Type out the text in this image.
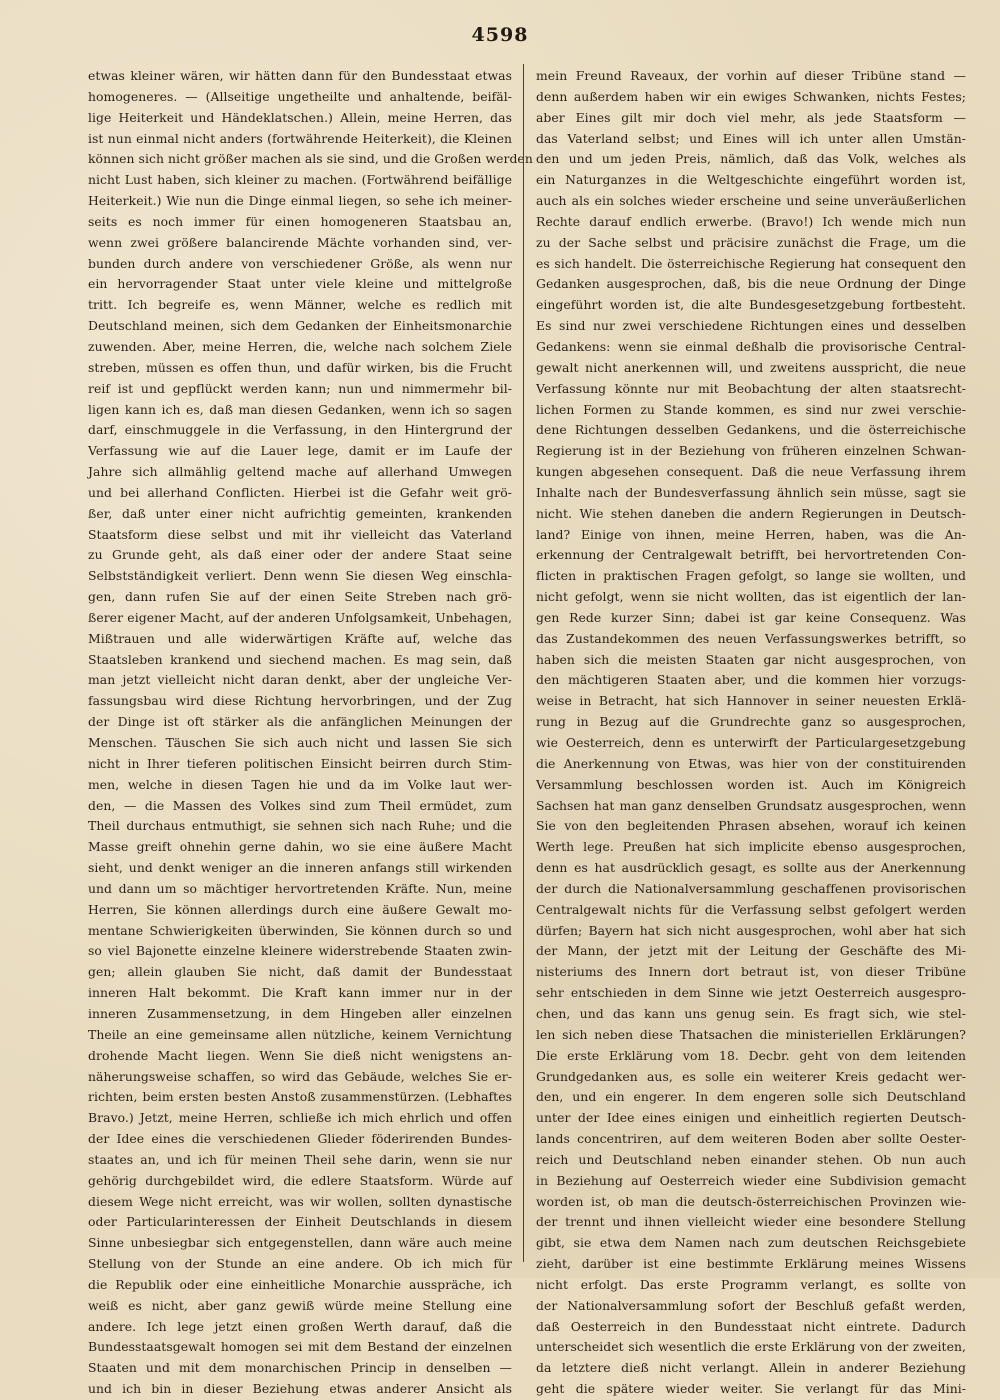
4598
etwas kleiner wären, wir hätten dann für den Bundesstaat etwas
homogeneres. — (Allseitige ungetheilte und anhaltende, beifäl-
lige Heiterkeit und Händeklatschen.) Allein, meine Herren, das
ist nun einmal nicht anders (fortwährende Heiterkeit), die Kleinen
können sich nicht größer machen als sie sind, und die Großen werden
nicht Lust haben, sich kleiner zu machen. (Fortwährend beifällige
Heiterkeit.) Wie nun die Dinge einmal liegen, so sehe ich meiner-
seits es noch immer für einen homogeneren Staatsbau an,
wenn zwei größere balancirende Mächte vorhanden sind, ver-
bunden durch andere von verschiedener Größe, als wenn nur
ein hervorragender Staat unter viele kleine und mittelgroße
tritt. Ich begreife es, wenn Männer, welche es redlich mit
Deutschland meinen, sich dem Gedanken der Einheitsmonarchie
zuwenden. Aber, meine Herren, die, welche nach solchem Ziele
streben, müssen es offen thun, und dafür wirken, bis die Frucht
reif ist und gepflückt werden kann; nun und nimmermehr bil-
ligen kann ich es, daß man diesen Gedanken, wenn ich so sagen
darf, einschmuggele in die Verfassung, in den Hintergrund der
Verfassung wie auf die Lauer lege, damit er im Laufe der
Jahre sich allmählig geltend mache auf allerhand Umwegen
und bei allerhand Conflicten. Hierbei ist die Gefahr weit grö-
ßer, daß unter einer nicht aufrichtig gemeinten, krankenden
Staatsform diese selbst und mit ihr vielleicht das Vaterland
zu Grunde geht, als daß einer oder der andere Staat seine
Selbstständigkeit verliert. Denn wenn Sie diesen Weg einschla-
gen, dann rufen Sie auf der einen Seite Streben nach grö-
ßerer eigener Macht, auf der anderen Unfolgsamkeit, Unbehagen,
Mißtrauen und alle widerwärtigen Kräfte auf, welche das
Staatsleben krankend und siechend machen. Es mag sein, daß
man jetzt vielleicht nicht daran denkt, aber der ungleiche Ver-
fassungsbau wird diese Richtung hervorbringen, und der Zug
der Dinge ist oft stärker als die anfänglichen Meinungen der
Menschen. Täuschen Sie sich auch nicht und lassen Sie sich
nicht in Ihrer tieferen politischen Einsicht beirren durch Stim-
men, welche in diesen Tagen hie und da im Volke laut wer-
den, — die Massen des Volkes sind zum Theil ermüdet, zum
Theil durchaus entmuthigt, sie sehnen sich nach Ruhe; und die
Masse greift ohnehin gerne dahin, wo sie eine äußere Macht
sieht, und denkt weniger an die inneren anfangs still wirkenden
und dann um so mächtiger hervortretenden Kräfte. Nun, meine
Herren, Sie können allerdings durch eine äußere Gewalt mo-
mentane Schwierigkeiten überwinden, Sie können durch so und
so viel Bajonette einzelne kleinere widerstrebende Staaten zwin-
gen; allein glauben Sie nicht, daß damit der Bundesstaat
inneren Halt bekommt. Die Kraft kann immer nur in der
inneren Zusammensetzung, in dem Hingeben aller einzelnen
Theile an eine gemeinsame allen nützliche, keinem Vernichtung
drohende Macht liegen. Wenn Sie dieß nicht wenigstens an-
näherungsweise schaffen, so wird das Gebäude, welches Sie er-
richten, beim ersten besten Anstoß zusammenstürzen. (Lebhaftes
Bravo.) Jetzt, meine Herren, schließe ich mich ehrlich und offen
der Idee eines die verschiedenen Glieder föderirenden Bundes-
staates an, und ich für meinen Theil sehe darin, wenn sie nur
gehörig durchgebildet wird, die edlere Staatsform. Würde auf
diesem Wege nicht erreicht, was wir wollen, sollten dynastische
oder Particularinteressen der Einheit Deutschlands in diesem
Sinne unbesiegbar sich entgegenstellen, dann wäre auch meine
Stellung von der Stunde an eine andere. Ob ich mich für
die Republik oder eine einheitliche Monarchie ausspräche, ich
weiß es nicht, aber ganz gewiß würde meine Stellung eine
andere. Ich lege jetzt einen großen Werth darauf, daß die
Bundesstaatsgewalt homogen sei mit dem Bestand der einzelnen
Staaten und mit dem monarchischen Princip in denselben —
und ich bin in dieser Beziehung etwas anderer Ansicht als
mein Freund Raveaux, der vorhin auf dieser Tribüne stand —
denn außerdem haben wir ein ewiges Schwanken, nichts Festes;
aber Eines gilt mir doch viel mehr, als jede Staatsform —
das Vaterland selbst; und Eines will ich unter allen Umstän-
den und um jeden Preis, nämlich, daß das Volk, welches als
ein Naturganzes in die Weltgeschichte eingeführt worden ist,
auch als ein solches wieder erscheine und seine unveräußerlichen
Rechte darauf endlich erwerbe. (Bravo!) Ich wende mich nun
zu der Sache selbst und präcisire zunächst die Frage, um die
es sich handelt. Die österreichische Regierung hat consequent den
Gedanken ausgesprochen, daß, bis die neue Ordnung der Dinge
eingeführt worden ist, die alte Bundesgesetzgebung fortbesteht.
Es sind nur zwei verschiedene Richtungen eines und desselben
Gedankens: wenn sie einmal deßhalb die provisorische Central-
gewalt nicht anerkennen will, und zweitens ausspricht, die neue
Verfassung könnte nur mit Beobachtung der alten staatsrecht-
lichen Formen zu Stande kommen, es sind nur zwei verschie-
dene Richtungen desselben Gedankens, und die österreichische
Regierung ist in der Beziehung von früheren einzelnen Schwan-
kungen abgesehen consequent. Daß die neue Verfassung ihrem
Inhalte nach der Bundesverfassung ähnlich sein müsse, sagt sie
nicht. Wie stehen daneben die andern Regierungen in Deutsch-
land? Einige von ihnen, meine Herren, haben, was die An-
erkennung der Centralgewalt betrifft, bei hervortretenden Con-
flicten in praktischen Fragen gefolgt, so lange sie wollten, und
nicht gefolgt, wenn sie nicht wollten, das ist eigentlich der lan-
gen Rede kurzer Sinn; dabei ist gar keine Consequenz. Was
das Zustandekommen des neuen Verfassungswerkes betrifft, so
haben sich die meisten Staaten gar nicht ausgesprochen, von
den mächtigeren Staaten aber, und die kommen hier vorzugs-
weise in Betracht, hat sich Hannover in seiner neuesten Erklä-
rung in Bezug auf die Grundrechte ganz so ausgesprochen,
wie Oesterreich, denn es unterwirft der Particulargesetzgebung
die Anerkennung von Etwas, was hier von der constituirenden
Versammlung beschlossen worden ist. Auch im Königreich
Sachsen hat man ganz denselben Grundsatz ausgesprochen, wenn
Sie von den begleitenden Phrasen absehen, worauf ich keinen
Werth lege. Preußen hat sich implicite ebenso ausgesprochen,
denn es hat ausdrücklich gesagt, es sollte aus der Anerkennung
der durch die Nationalversammlung geschaffenen provisorischen
Centralgewalt nichts für die Verfassung selbst gefolgert werden
dürfen; Bayern hat sich nicht ausgesprochen, wohl aber hat sich
der Mann, der jetzt mit der Leitung der Geschäfte des Mi-
nisteriums des Innern dort betraut ist, von dieser Tribüne
sehr entschieden in dem Sinne wie jetzt Oesterreich ausgespro-
chen, und das kann uns genug sein. Es fragt sich, wie stel-
len sich neben diese Thatsachen die ministeriellen Erklärungen?
Die erste Erklärung vom 18. Decbr. geht von dem leitenden
Grundgedanken aus, es solle ein weiterer Kreis gedacht wer-
den, und ein engerer. In dem engeren solle sich Deutschland
unter der Idee eines einigen und einheitlich regierten Deutsch-
lands concentriren, auf dem weiteren Boden aber sollte Oester-
reich und Deutschland neben einander stehen. Ob nun auch
in Beziehung auf Oesterreich wieder eine Subdivision gemacht
worden ist, ob man die deutsch-österreichischen Provinzen wie-
der trennt und ihnen vielleicht wieder eine besondere Stellung
gibt, sie etwa dem Namen nach zum deutschen Reichsgebiete
zieht, darüber ist eine bestimmte Erklärung meines Wissens
nicht erfolgt. Das erste Programm verlangt, es sollte von
der Nationalversammlung sofort der Beschluß gefaßt werden,
daß Oesterreich in den Bundesstaat nicht eintrete. Dadurch
unterscheidet sich wesentlich die erste Erklärung von der zweiten,
da letztere dieß nicht verlangt. Allein in anderer Beziehung
geht die spätere wieder weiter. Sie verlangt für das Mini-
